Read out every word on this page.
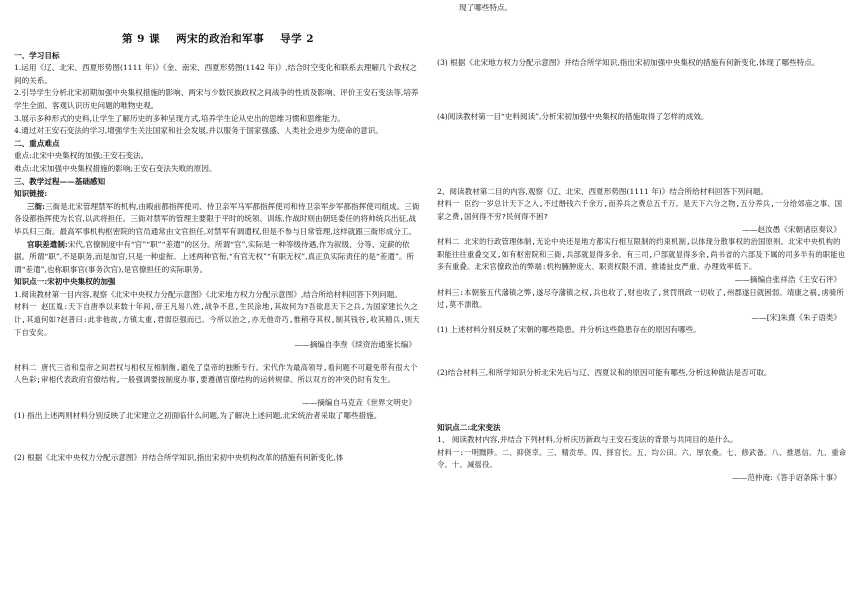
第 9 课 两宋的政治和军事 导学 2

一、学习目标

1.运用《辽、北宋、西夏形势图(1111 年)》《金、南宋、西夏形势图(1142 年)》,结合时空变化和联系去理解几个政权之间的关系。

2.引导学生分析北宋初期加强中央集权措施的影响、两宋与少数民族政权之间战争的性质及影响、评价王安石变法等,培养学生全面、客观认识历史问题的唯物史观。

3.展示多种形式的史料,让学生了解历史的多种呈现方式,培养学生论从史出的思维习惯和思维能力。

4.通过对王安石变法的学习,增强学生关注国家和社会发展,并以服务于国家强盛、人类社会进步为使命的意识。

二、重点难点

重点:北宋中央集权的加强;王安石变法。

难点:北宋加强中央集权措施的影响;王安石变法失败的原因。

三、教学过程——基础感知

知识链接:

三衙:三衙是北宋管理禁军的机构,由殿前都指挥使司、侍卫亲军马军都指挥使司和侍卫亲军步军都指挥使司组成。三衙各设都指挥使为长官,以武将担任。三衙对禁军的管理主要限于平时的统领、训练,作战时则由朝廷委任的将帅统兵出征,战毕兵归三衙。最高军事机构枢密院的官员通常由文官担任,对禁军有调遣权,但是不参与日常管理,这样就跟三衙形成分工。

官职差遣制:宋代,官僚制度中有“官”“职”“差遣”的区分。所谓“官”,实际是一种等级待遇,作为叙级、分等、定薪的依据。所谓“职”,不是职务,而是加官,只是一种虚衔。上述两种官衔,“有官无权”“有职无权”,真正负实际责任的是“差遣”。所谓“差遣”,也称职事官(事务次官),是官僚担任的实际职务。

知识点一:宋初中央集权的加强

1.阅读教材第一目内容,观察《北宋中央权力分配示意图》《北宋地方权力分配示意图》,结合所给材料回答下列问题。

材料一 赵匡胤:天下自唐季以来数十年间,帝王凡易八姓,战争不息,生民涂地,其故何为?吾欲息天下之兵,为国家建长久之计,其道何如?赵普曰:此非他故,方镇太重,君弱臣强而已。今所以治之,亦无他奇巧,惟稍夺其权,制其钱谷,收其精兵,则天下自安矣。

——摘编自李焘《续资治通鉴长编》

材料二 唐代三省和皇帝之间君权与相权互相制衡,避免了皇帝的独断专行。宋代作为最高领导,看问题不可避免带有很大个人色彩;审相代表政府官僚结构,一般强调要按制度办事,要遵循官僚结构的运转规律。所以双方的冲突仍时有发生。

——摘编自马克垚《世界文明史》

(1) 指出上述两则材料分别反映了北宋建立之初面临什么问题,为了解决上述问题,北宋统治者采取了哪些措施。

(2) 根据《北宋中央权力分配示意图》并结合所学知识,指出宋初中央机构改革的措施有何新变化,体

现了哪些特点。

(3) 根据《北宋地方权力分配示意图》并结合所学知识,指出宋初加强中央集权的措施有何新变化,体现了哪些特点。

(4)阅读教材第一目“史料阅读”,分析宋初加强中央集权的措施取得了怎样的成效。

2、阅读教材第二目的内容,观察《辽、北宋、西夏形势图(1111 年)》结合所给材料回答下列问题。

材料一 臣约一岁总计天下之入,不过缗钱六千余万,而养兵之费总五千万。是天下六分之物,五分养兵,一分给郊庙之事、国家之费,国何得不穷?民何得不困?

——赵汝愚《宋朝诸臣奏议》

材料二 北宋的行政管理体制,无论中央还是地方都实行相互限制的约束机制,以体现分散事权的治国原则。北宋中央机构的职能往往重叠交叉,如有枢密院和三衙,兵部就显得多余。有三司,户部就显得多余,尚书省的六部及下属的司多半有的职能也多有重叠。北宋官僚政治的弊端:机构臃肿庞大、职责权限不清、推诿扯皮严重、办理效率低下。

——摘编自张祥浩《王安石评》

材料三:本朝鉴五代藩镇之弊,遂尽夺藩镇之权,兵也收了,财也收了,赏罚刑政一切收了,州郡遂日就困弱。靖康之祸,虏骑所过,莫不溃散。

——[宋]朱熹《朱子语类》

(1) 上述材料分别反映了宋朝的哪些隐患。并分析这些隐患存在的原因有哪些。

(2)结合材料三,和所学知识分析北宋先后与辽、西夏议和的原因可能有哪些,分析这种做法是否可取。

知识点二:北宋变法

1、 阅读教材内容,并结合下列材料,分析庆历新政与王安石变法的背景与共同目的是什么。

材料一:一明黜陟。二、抑侥幸。三、精贡举。四、择官长。五、均公田。六、厚农桑。七、修武备。八、推恩信。九、重命令。十、减徭役。

——范仲淹:《答手诏条陈十事》
